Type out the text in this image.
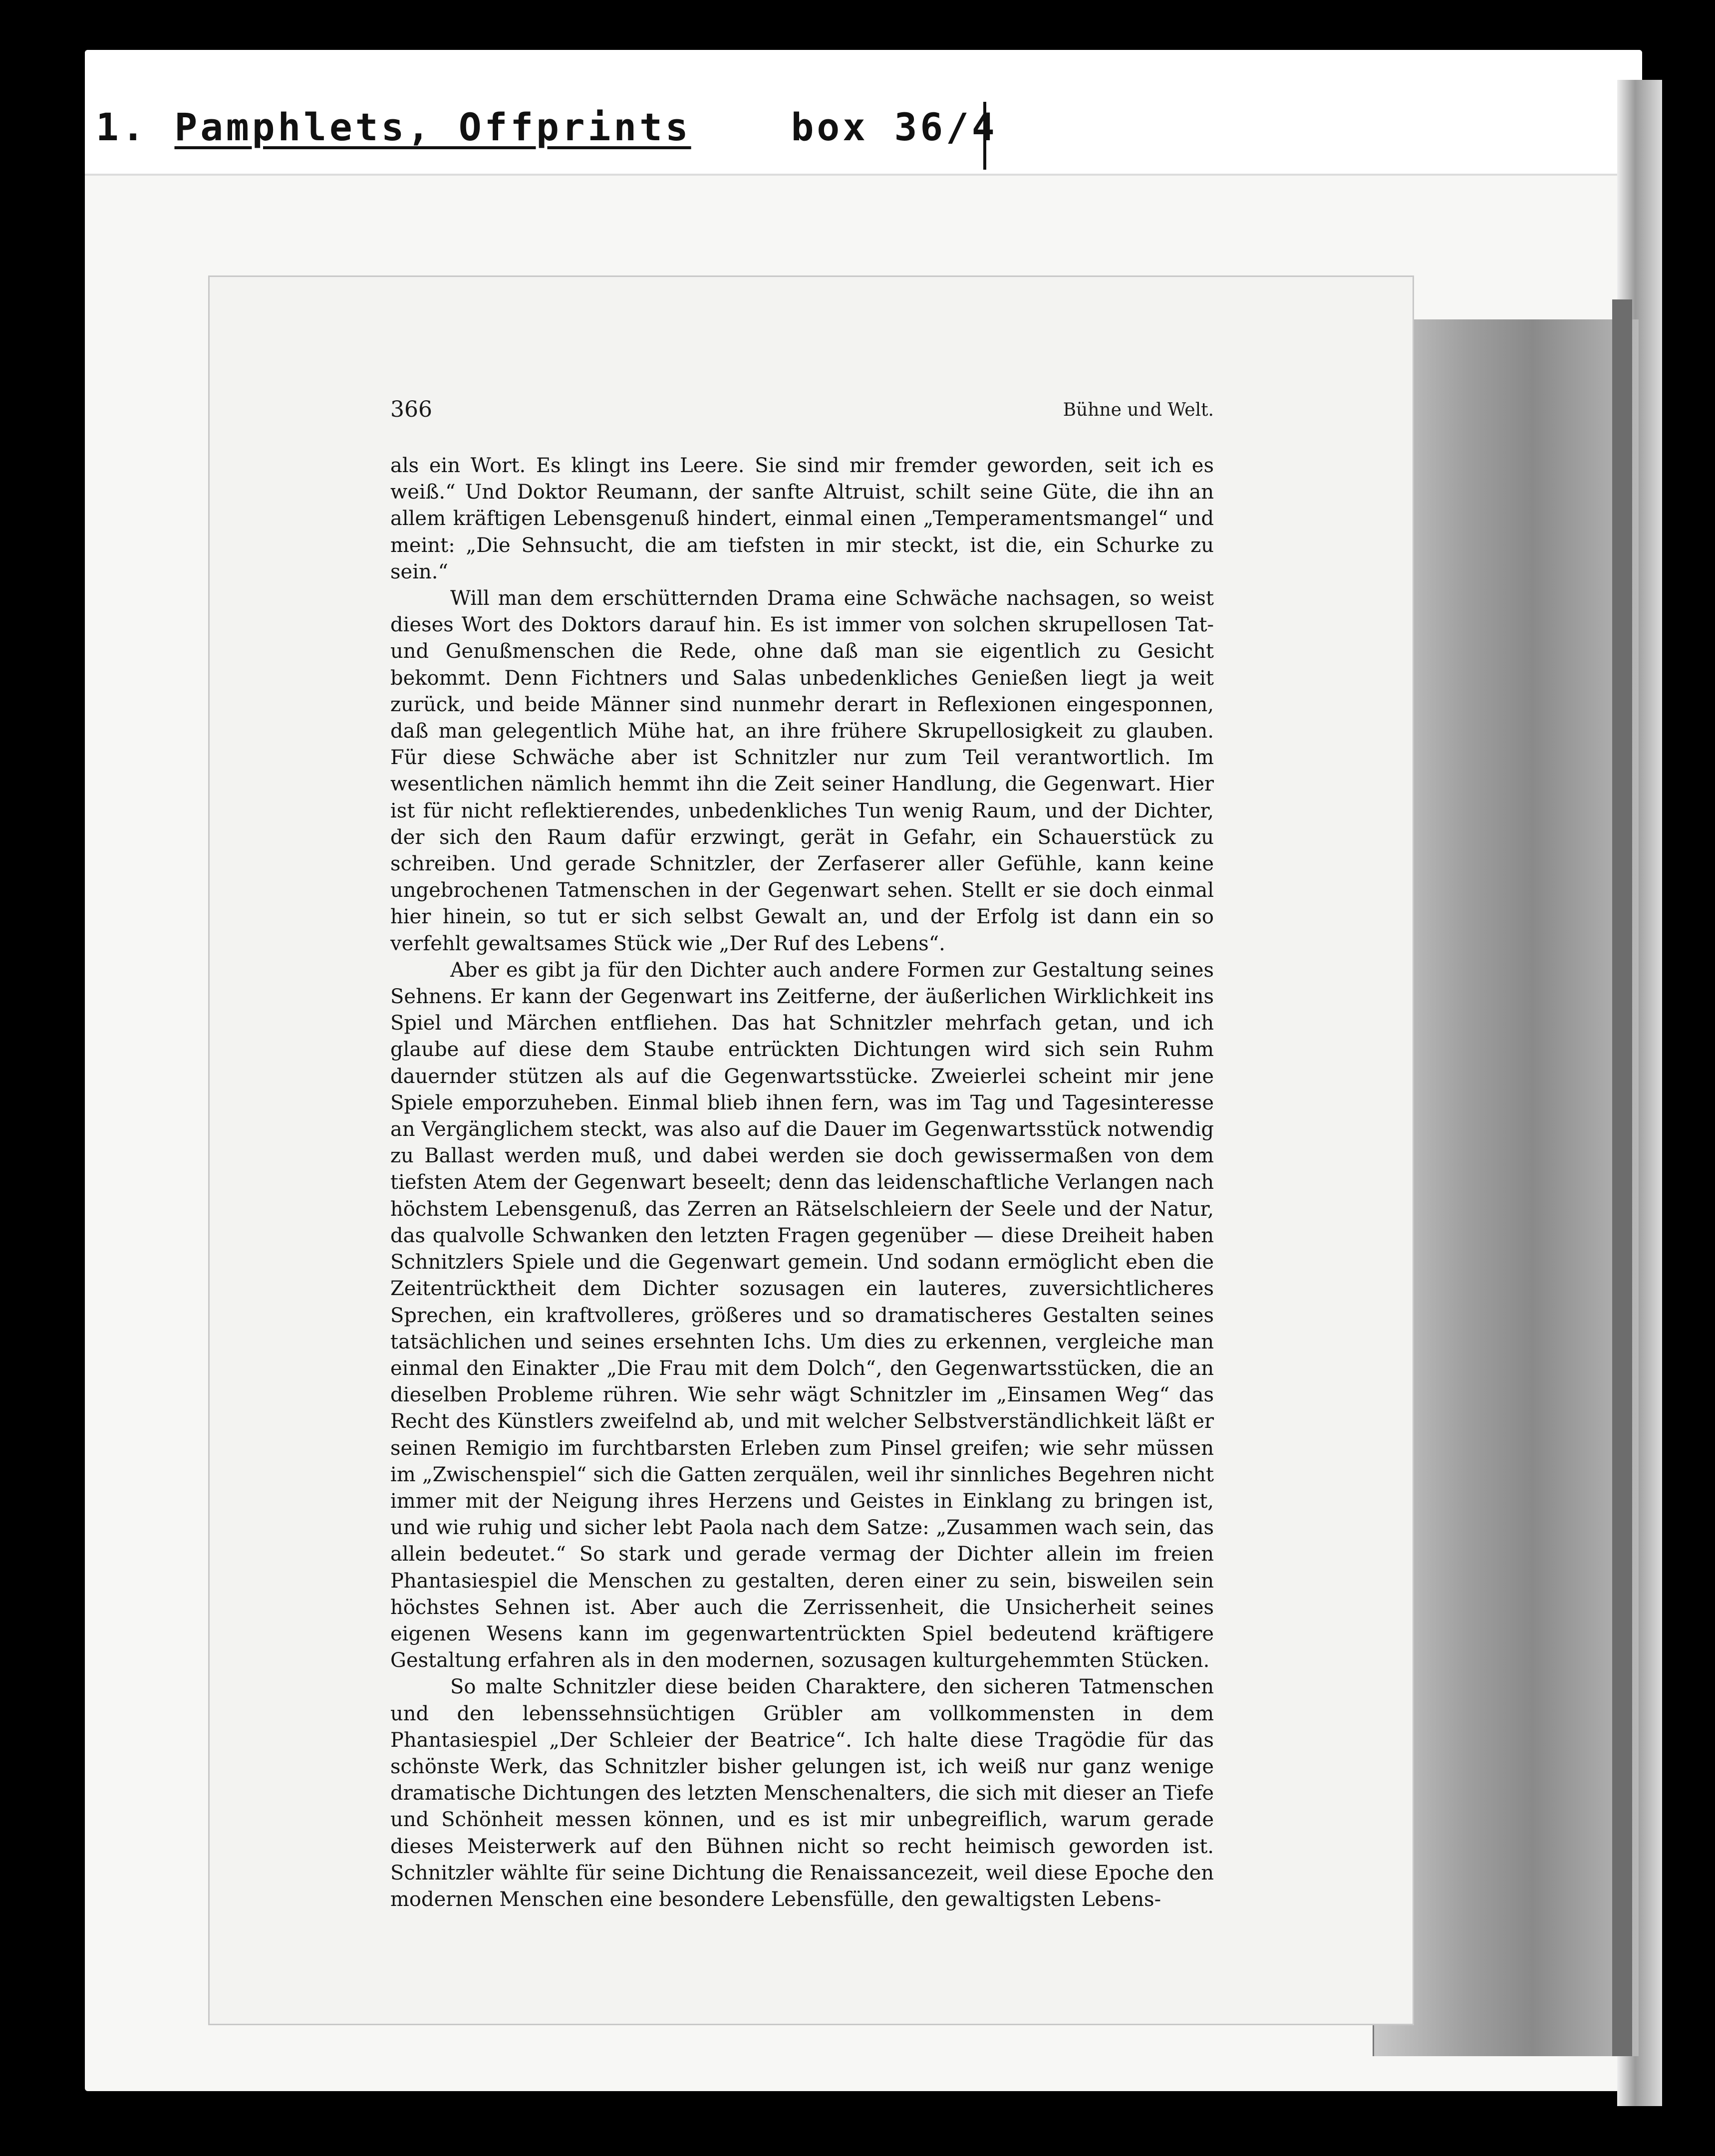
1. Pamphlets, Offprints	box 36/4
366	Bühne und Welt.

als ein Wort. Es klingt ins Leere. Sie sind mir fremder geworden, seit ich es weiß.“ Und Doktor Reumann, der sanfte Altruist, schilt seine Güte, die ihn an allem kräftigen Lebensgenuß hindert, einmal einen „Temperamentsmangel“ und meint: „Die Sehnsucht, die am tiefsten in mir steckt, ist die, ein Schurke zu sein.“

Will man dem erschütternden Drama eine Schwäche nachsagen, so weist dieses Wort des Doktors darauf hin. Es ist immer von solchen skrupellosen Tat- und Genußmenschen die Rede, ohne daß man sie eigentlich zu Gesicht bekommt. Denn Fichtners und Salas unbedenkliches Genießen liegt ja weit zurück, und beide Männer sind nunmehr derart in Reflexionen eingesponnen, daß man gelegentlich Mühe hat, an ihre frühere Skrupellosigkeit zu glauben. Für diese Schwäche aber ist Schnitzler nur zum Teil verantwortlich. Im wesentlichen nämlich hemmt ihn die Zeit seiner Handlung, die Gegenwart. Hier ist für nicht reflektierendes, unbedenkliches Tun wenig Raum, und der Dichter, der sich den Raum dafür erzwingt, gerät in Gefahr, ein Schauerstück zu schreiben. Und gerade Schnitzler, der Zerfaserer aller Gefühle, kann keine ungebrochenen Tatmenschen in der Gegenwart sehen. Stellt er sie doch einmal hier hinein, so tut er sich selbst Gewalt an, und der Erfolg ist dann ein so verfehlt gewaltsames Stück wie „Der Ruf des Lebens“.

Aber es gibt ja für den Dichter auch andere Formen zur Gestaltung seines Sehnens. Er kann der Gegenwart ins Zeitferne, der äußerlichen Wirklichkeit ins Spiel und Märchen entfliehen. Das hat Schnitzler mehrfach getan, und ich glaube auf diese dem Staube entrückten Dichtungen wird sich sein Ruhm dauernder stützen als auf die Gegenwartsstücke. Zweierlei scheint mir jene Spiele emporzuheben. Einmal blieb ihnen fern, was im Tag und Tagesinteresse an Vergänglichem steckt, was also auf die Dauer im Gegenwartsstück notwendig zu Ballast werden muß, und dabei werden sie doch gewissermaßen von dem tiefsten Atem der Gegenwart beseelt; denn das leidenschaftliche Verlangen nach höchstem Lebensgenuß, das Zerren an Rätselschleiern der Seele und der Natur, das qualvolle Schwanken den letzten Fragen gegenüber — diese Dreiheit haben Schnitzlers Spiele und die Gegenwart gemein. Und sodann ermöglicht eben die Zeitentrücktheit dem Dichter sozusagen ein lauteres, zuversichtlicheres Sprechen, ein kraftvolleres, größeres und so dramatischeres Gestalten seines tatsächlichen und seines ersehnten Ichs. Um dies zu erkennen, vergleiche man einmal den Einakter „Die Frau mit dem Dolch“, den Gegenwartsstücken, die an dieselben Probleme rühren. Wie sehr wägt Schnitzler im „Einsamen Weg“ das Recht des Künstlers zweifelnd ab, und mit welcher Selbstverständlichkeit läßt er seinen Remigio im furchtbarsten Erleben zum Pinsel greifen; wie sehr müssen im „Zwischenspiel“ sich die Gatten zerquälen, weil ihr sinnliches Begehren nicht immer mit der Neigung ihres Herzens und Geistes in Einklang zu bringen ist, und wie ruhig und sicher lebt Paola nach dem Satze: „Zusammen wach sein, das allein bedeutet.“ So stark und gerade vermag der Dichter allein im freien Phantasiespiel die Menschen zu gestalten, deren einer zu sein, bisweilen sein höchstes Sehnen ist. Aber auch die Zerrissenheit, die Unsicherheit seines eigenen Wesens kann im gegenwartentrückten Spiel bedeutend kräftigere Gestaltung erfahren als in den modernen, sozusagen kulturgehemmten Stücken.

So malte Schnitzler diese beiden Charaktere, den sicheren Tatmenschen und den lebenssehnsüchtigen Grübler am vollkommensten in dem Phantasiespiel „Der Schleier der Beatrice“. Ich halte diese Tragödie für das schönste Werk, das Schnitzler bisher gelungen ist, ich weiß nur ganz wenige dramatische Dichtungen des letzten Menschenalters, die sich mit dieser an Tiefe und Schönheit messen können, und es ist mir unbegreiflich, warum gerade dieses Meisterwerk auf den Bühnen nicht so recht heimisch geworden ist. Schnitzler wählte für seine Dichtung die Renaissancezeit, weil diese Epoche den modernen Menschen eine besondere Lebensfülle, den gewaltigsten Lebens-
